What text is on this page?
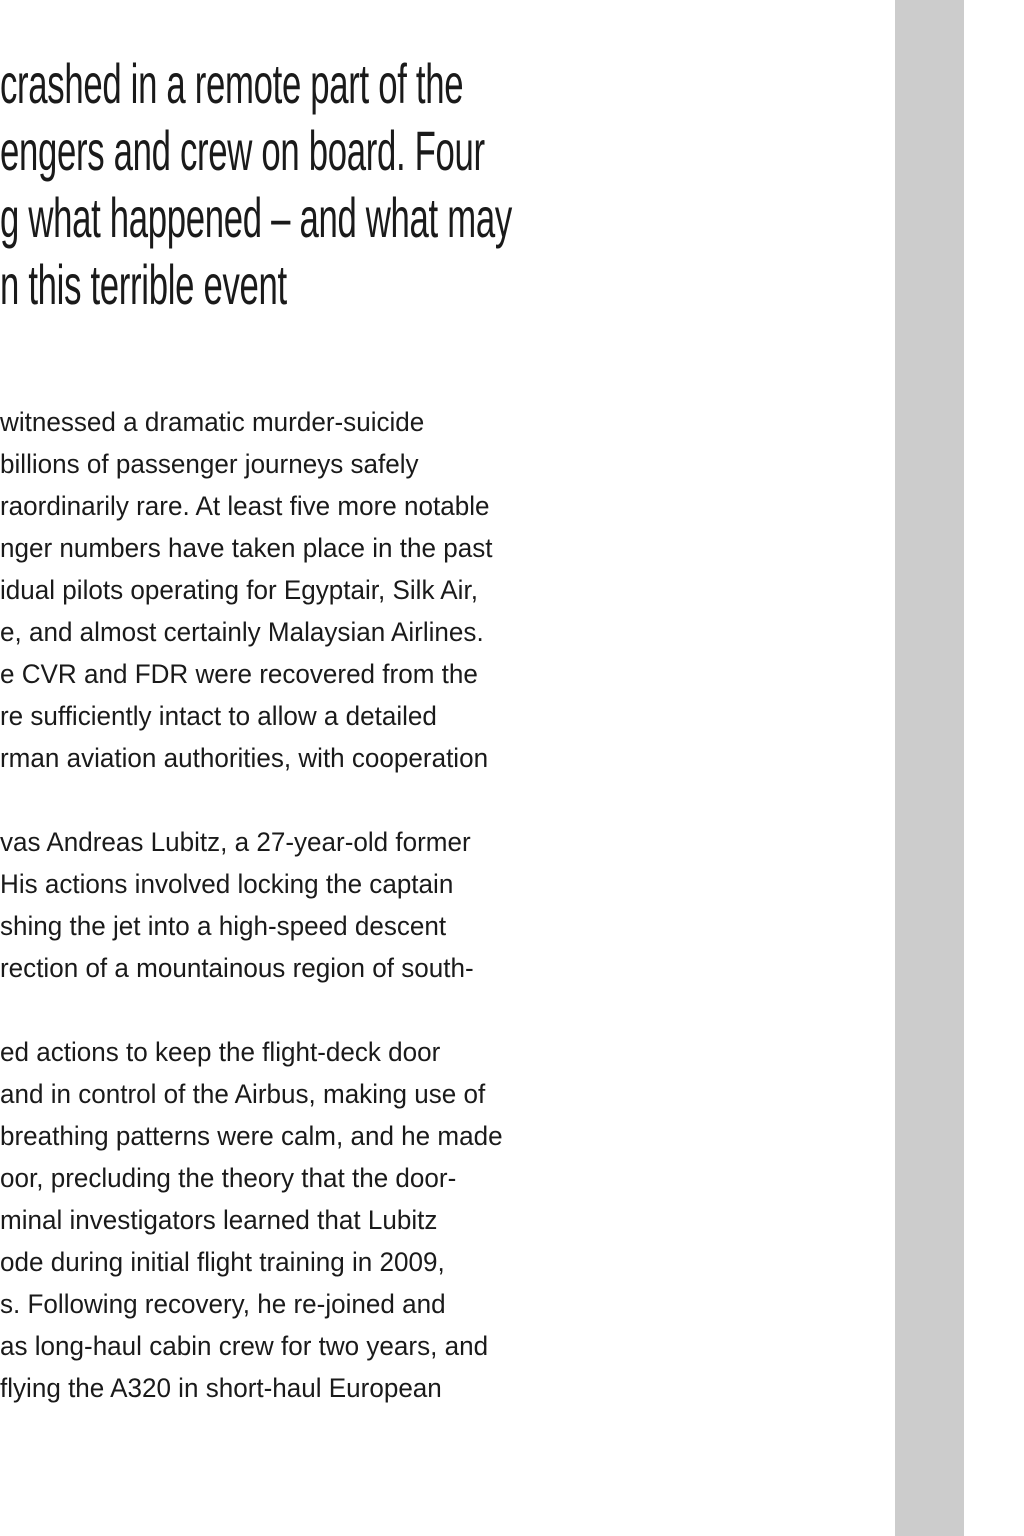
crashed in a remote part of the
engers and crew on board. Four
g what happened – and what may
n this terrible event
witnessed a dramatic murder-suicide
billions of passenger journeys safely
raordinarily rare. At least five more notable
nger numbers have taken place in the past
idual pilots operating for Egyptair, Silk Air,
e, and almost certainly Malaysian Airlines.
e CVR and FDR were recovered from the
re sufficiently intact to allow a detailed
rman aviation authorities, with cooperation
vas Andreas Lubitz, a 27-year-old former
His actions involved locking the captain
shing the jet into a high-speed descent
rection of a mountainous region of south-
ed actions to keep the flight-deck door
and in control of the Airbus, making use of
breathing patterns were calm, and he made
oor, precluding the theory that the door-
minal investigators learned that Lubitz
ode during initial flight training in 2009,
s. Following recovery, he re-joined and
as long-haul cabin crew for two years, and
flying the A320 in short-haul European
